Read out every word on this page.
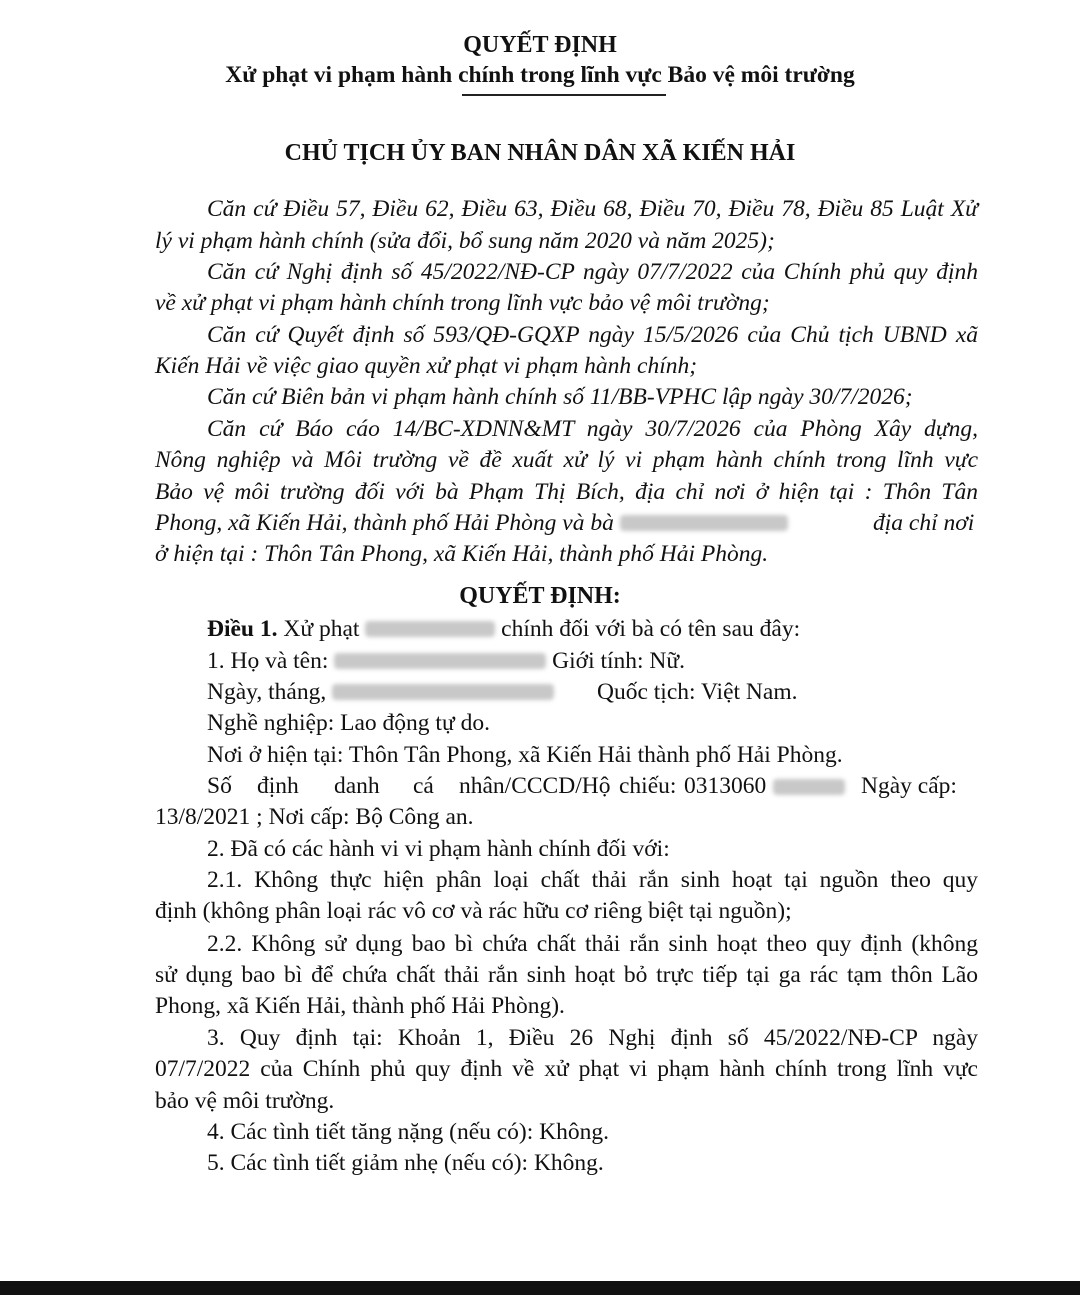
QUYẾT ĐỊNH
Xử phạt vi phạm hành chính trong lĩnh vực Bảo vệ môi trường
CHỦ TỊCH ỦY BAN NHÂN DÂN XÃ KIẾN HẢI
Căn cứ Điều 57, Điều 62, Điều 63, Điều 68, Điều 70, Điều 78, Điều 85 Luật Xử
lý vi phạm hành chính (sửa đổi, bổ sung năm 2020 và năm 2025);
Căn cứ Nghị định số 45/2022/NĐ-CP ngày 07/7/2022 của Chính phủ quy định
về xử phạt vi phạm hành chính trong lĩnh vực bảo vệ môi trường;
Căn cứ Quyết định số 593/QĐ-GQXP ngày 15/5/2026 của Chủ tịch UBND xã
Kiến Hải về việc giao quyền xử phạt vi phạm hành chính;
Căn cứ Biên bản vi phạm hành chính số 11/BB-VPHC lập ngày 30/7/2026;
Căn cứ Báo cáo 14/BC-XDNN&MT ngày 30/7/2026 của Phòng Xây dựng,
Nông nghiệp và Môi trường về đề xuất xử lý vi phạm hành chính trong lĩnh vực
Bảo vệ môi trường đối với bà Phạm Thị Bích, địa chỉ nơi ở hiện tại : Thôn Tân
Phong, xã Kiến Hải, thành phố Hải Phòng và bà	địa chỉ nơi
ở hiện tại : Thôn Tân Phong, xã Kiến Hải, thành phố Hải Phòng.
QUYẾT ĐỊNH:
Điều 1. Xử phạt	chính đối với bà có tên sau đây:
1. Họ và tên:	Giới tính: Nữ.
Ngày, tháng,	Quốc tịch: Việt Nam.
Nghề nghiệp: Lao động tự do.
Nơi ở hiện tại: Thôn Tân Phong, xã Kiến Hải thành phố Hải Phòng.
Số định danh cá nhân/CCCD/Hộ chiếu: 0313060	Ngày cấp:
13/8/2021 ; Nơi cấp: Bộ Công an.
2. Đã có các hành vi vi phạm hành chính đối với:
2.1. Không thực hiện phân loại chất thải rắn sinh hoạt tại nguồn theo quy
định (không phân loại rác vô cơ và rác hữu cơ riêng biệt tại nguồn);
2.2. Không sử dụng bao bì chứa chất thải rắn sinh hoạt theo quy định (không
sử dụng bao bì để chứa chất thải rắn sinh hoạt bỏ trực tiếp tại ga rác tạm thôn Lão
Phong, xã Kiến Hải, thành phố Hải Phòng).
3. Quy định tại: Khoản 1, Điều 26 Nghị định số 45/2022/NĐ-CP ngày
07/7/2022 của Chính phủ quy định về xử phạt vi phạm hành chính trong lĩnh vực
bảo vệ môi trường.
4. Các tình tiết tăng nặng (nếu có): Không.
5. Các tình tiết giảm nhẹ (nếu có): Không.
